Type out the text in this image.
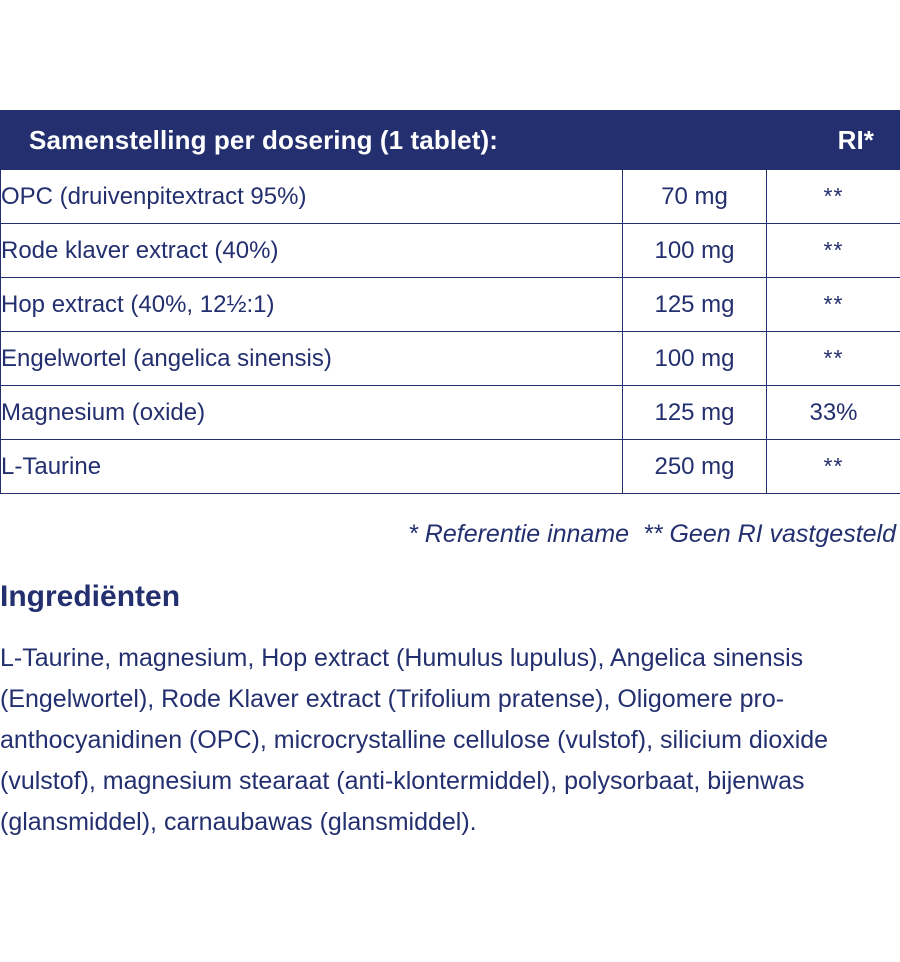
Samenstelling per dosering (1 tablet):		RI*
OPC (druivenpitextract 95%)	70 mg	**
Rode klaver extract (40%)	100 mg	**
Hop extract (40%, 12½:1)	125 mg	**
Engelwortel (angelica sinensis)	100 mg	**
Magnesium (oxide)	125 mg	33%
L-Taurine	250 mg	**
* Referentie inname ** Geen RI vastgesteld
Ingrediënten
L-Taurine, magnesium, Hop extract (Humulus lupulus), Angelica sinensis (Engelwortel), Rode Klaver extract (Trifolium pratense), Oligomere pro-anthocyanidinen (OPC), microcrystalline cellulose (vulstof), silicium dioxide (vulstof), magnesium stearaat (anti-klontermiddel), polysorbaat, bijenwas (glansmiddel), carnaubawas (glansmiddel).
